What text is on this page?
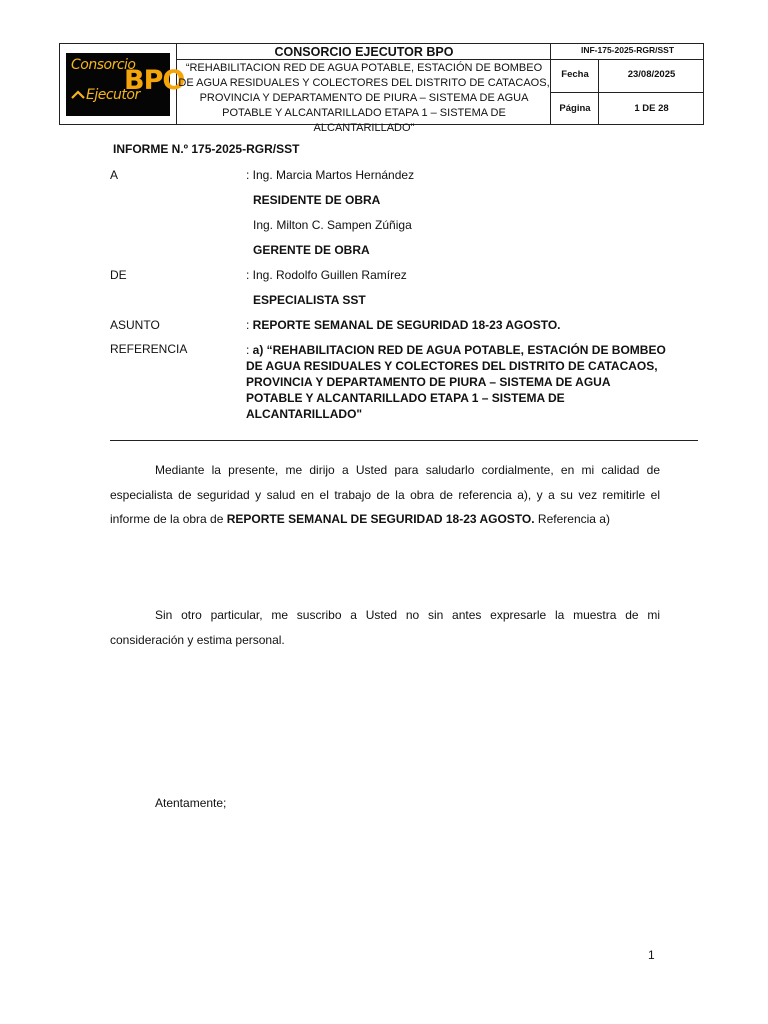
Consorcio
Ejecutor
BPO
CONSORCIO EJECUTOR BPO
“REHABILITACION RED DE AGUA POTABLE, ESTACIÓN DE BOMBEO DE AGUA RESIDUALES Y COLECTORES DEL DISTRITO DE CATACAOS, PROVINCIA Y DEPARTAMENTO DE PIURA – SISTEMA DE AGUA POTABLE Y ALCANTARILLADO ETAPA 1 – SISTEMA DE ALCANTARILLADO"
INF-175-2025-RGR/SST
Fecha	23/08/2025
Página	1 DE 28
INFORME N.º 175-2025-RGR/SST
A	: Ing. Marcia Martos Hernández
RESIDENTE DE OBRA
Ing. Milton C. Sampen Zúñiga
GERENTE DE OBRA
DE	: Ing. Rodolfo Guillen Ramírez
ESPECIALISTA SST
ASUNTO	: REPORTE SEMANAL DE SEGURIDAD 18-23 AGOSTO.
REFERENCIA	: a) “REHABILITACION RED DE AGUA POTABLE, ESTACIÓN DE BOMBEO DE AGUA RESIDUALES Y COLECTORES DEL DISTRITO DE CATACAOS, PROVINCIA Y DEPARTAMENTO DE PIURA – SISTEMA DE AGUA POTABLE Y ALCANTARILLADO ETAPA 1 – SISTEMA DE ALCANTARILLADO"
Mediante la presente, me dirijo a Usted para saludarlo cordialmente, en mi calidad de especialista de seguridad y salud en el trabajo de la obra de referencia a), y a su vez remitirle el informe de la obra de REPORTE SEMANAL DE SEGURIDAD 18-23 AGOSTO. Referencia a)
Sin otro particular, me suscribo a Usted no sin antes expresarle la muestra de mi consideración y estima personal.
Atentamente;
1
